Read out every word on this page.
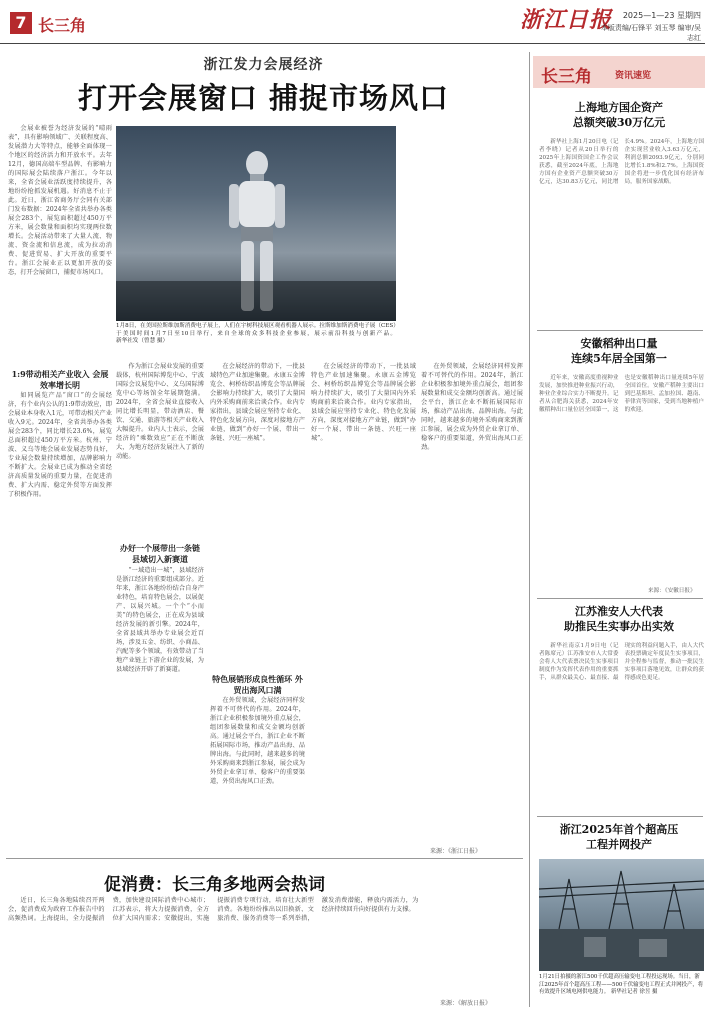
7 长三角	浙江日报	2025—1—23 星期四
本版责编/石锋平 刘玉琴 编审/吴志红
浙江发力会展经济
打开会展窗口 捕捉市场风口

会展业被誉为经济发展的“晴雨表”，具有影响领域广、关联程度高、发展潜力大等特点，能够全面体现一个地区的经济活力和开放水平。去年12月，德国高端车型品牌、有影响力的国际展会陆续落户浙江。今年以来，全省会展业活跃度持续提升，各地纷纷抢抓发展机遇。好消息不止于此。近日，浙江省商务厅会同有关部门发布数据：2024年全省共举办各类展会283个，展览面积超过450万平方米，展会数量和面积均实现两位数增长。会展活动带来了大量人流、物流、资金流和信息流，成为拉动消费、促进贸易、扩大开放的重要平台。浙江会展业正以更加开放的姿态，打开会展窗口，捕捉市场风口。

1:9带动相关产业收入 会展效率增长明

如同展览产品“窗口”的会展经济，有个业内公认的1:9带动效应，即会展业本身收入1元，可带动相关产业收入9元。2024年，全省共举办各类展会283个，同比增长23.6%，展览总面积超过450万平方米。杭州、宁波、义乌等地会展业发展态势良好，专业展会数量持续增加，品牌影响力不断扩大。会展业已成为推动全省经济高质量发展的重要力量，在促进消费、扩大内需、稳定外贸等方面发挥了积极作用。

1月8日，在美国拉斯维加斯消费电子展上，人们在宇树科技展区观看机器人展示。拉斯维加斯消费电子展（CES）于美国时间1月7日至10日举行，来自全球的众多科技企业参展，展示前沿科技与创新产品。 新华社发（曾慧 摄）

作为浙江会展业发展的重要载体，杭州国际博览中心、宁波国际会议展览中心、义乌国际博览中心等场馆全年展期饱满。2024年，全省会展业直接收入同比增长明显，带动酒店、餐饮、交通、旅游等相关产业收入大幅提升。业内人士表示，会展经济的“乘数效应”正在不断放大，为地方经济发展注入了新的动能。

办好一个展带出一条链 县域切入新赛道

“一域造出一城”，县域经济是浙江经济的重要组成部分。近年来，浙江各地纷纷结合自身产业特色，培育特色展会，以展促产、以展兴城。一个个“小而美”的特色展会，正在成为县域经济发展的新引擎。2024年，全省县域共举办专业展会近百场，涉及五金、纺织、小商品、汽配等多个领域，有效带动了当地产业链上下游企业的发展，为县域经济开辟了新赛道。

在会展经济的带动下，一批县域特色产业加速集聚。永康五金博览会、柯桥纺织品博览会等品牌展会影响力持续扩大，吸引了大量国内外采购商前来洽谈合作。业内专家指出，县域会展应坚持专业化、特色化发展方向，深度对接地方产业链，做到“办好一个展、带出一条链、兴旺一座城”。

特色展销形成良性循环 外贸出海风口满

在外贸领域，会展经济同样发挥着不可替代的作用。2024年，浙江企业积极参加境外重点展会，组团参展数量和成交金额均创新高。通过展会平台，浙江企业不断拓展国际市场，推动产品出海、品牌出海。与此同时，越来越多的境外采购商来到浙江参展，展会成为外贸企业拿订单、稳客户的重要渠道，外贸出海风口正劲。

在会展经济的带动下，一批县域特色产业加速集聚。永康五金博览会、柯桥纺织品博览会等品牌展会影响力持续扩大，吸引了大量国内外采购商前来洽谈合作。业内专家指出，县域会展应坚持专业化、特色化发展方向，深度对接地方产业链，做到“办好一个展、带出一条链、兴旺一座城”。

在外贸领域，会展经济同样发挥着不可替代的作用。2024年，浙江企业积极参加境外重点展会，组团参展数量和成交金额均创新高。通过展会平台，浙江企业不断拓展国际市场，推动产品出海、品牌出海。与此同时，越来越多的境外采购商来到浙江参展，展会成为外贸企业拿订单、稳客户的重要渠道，外贸出海风口正劲。

来源：《浙江日报》
促消费：长三角多地两会热词

近日，长三角各地陆续召开两会，促消费成为政府工作报告中的高频热词。上海提出，全力提振消费，加快建设国际消费中心城市；江苏表示，将大力提振消费，全方位扩大国内需求；安徽提出，实施提振消费专项行动，培育壮大新型消费。各地纷纷推出以旧换新、文旅消费、服务消费等一系列举措，激发消费潜能，释放内需活力，为经济持续回升向好提供有力支撑。

来源：《解放日报》
长三角	资讯速览
上海地方国企资产
总额突破30万亿元

新华社上海1月20日电（记者李晓）记者从20日举行的2025年上海国资国企工作会议获悉，截至2024年底，上海地方国有企业资产总额突破30万亿元，达30.83万亿元，同比增长4.9%。2024年，上海地方国企实现营业收入3.63万亿元，利润总额2093.9亿元，分别同比增长1.8%和2.7%。上海国资国企将进一步优化国有经济布局，服务国家战略。

安徽稻种出口量
连续5年居全国第一

近年来，安徽高度重视种业发展，加快推进种业振兴行动，种业企业综合实力不断提升。记者从合肥海关获悉，2024年安徽稻种出口量位居全国第一，这也是安徽稻种出口量连续5年居全国首位。安徽产稻种主要出口到巴基斯坦、孟加拉国、越南、菲律宾等国家，受到当地种植户的欢迎。

来源：《安徽日报》
江苏淮安人大代表
助推民生实事办出实效

新华社南京1月9日电（记者陈席元）江苏淮安市人大常委会将人大代表票决民生实事项目制度作为发挥代表作用的重要抓手，从群众最关心、最直接、最现实的利益问题入手，由人大代表投票确定年度民生实事项目，并全程参与监督，推动一批民生实事项目落地见效，让群众的获得感成色更足。

浙江2025年首个超高压
工程并网投产
1月21日拍摄的浙江500千伏超高压输变电工程投运现场。当日，浙江2025年首个超高压工程——500千伏输变电工程正式并网投产，将有效提升区域电网供电能力。 新华社记者 徐昱 摄
